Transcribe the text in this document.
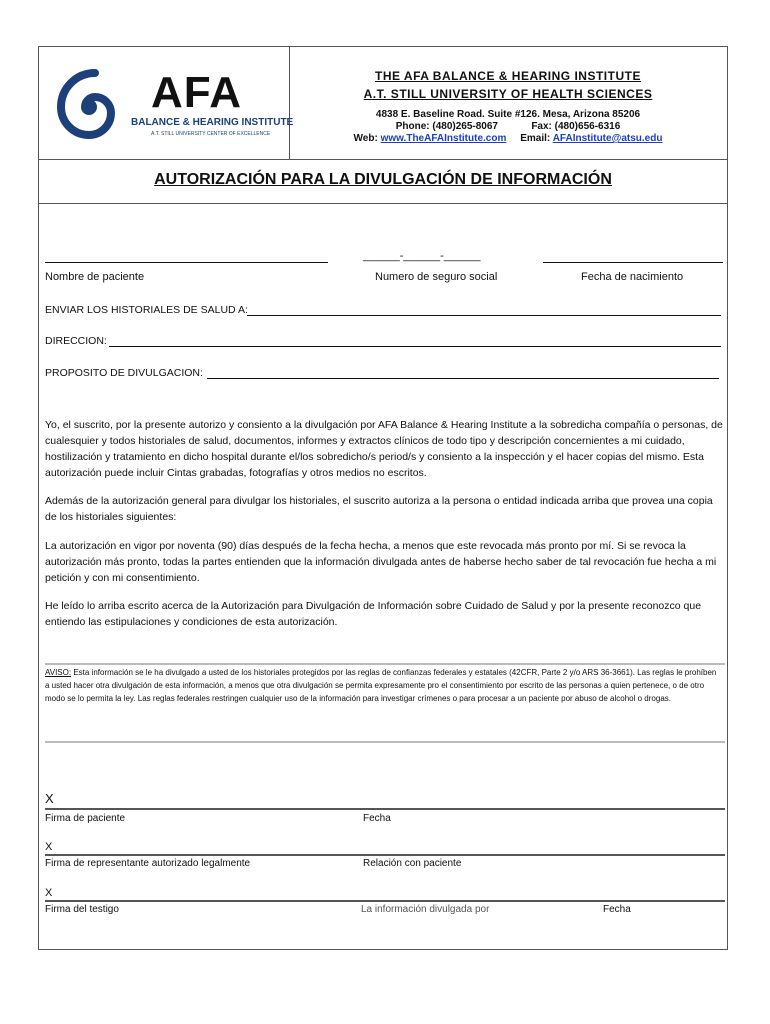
AFA
BALANCE & HEARING INSTITUTE
A.T. STILL UNIVERSITY CENTER OF EXCELLENCE
THE AFA BALANCE & HEARING INSTITUTE
A.T. STILL UNIVERSITY OF HEALTH SCIENCES
4838 E. Baseline Road. Suite #126. Mesa, Arizona 85206
Phone: (480)265-8067	Fax: (480)656-6316
Web: www.TheAFAInstitute.com Email: AFAInstitute@atsu.edu
AUTORIZACIÓN PARA LA DIVULGACIÓN DE INFORMACIÓN
______-______-______
Nombre de paciente	Numero de seguro social	Fecha de nacimiento
ENVIAR LOS HISTORIALES DE SALUD A:
DIRECCION:
PROPOSITO DE DIVULGACION:
Yo, el suscrito, por la presente autorizo y consiento a la divulgación por AFA Balance & Hearing Institute a la sobredicha compañía o personas, de cualesquier y todos historiales de salud, documentos, informes y extractos clínicos de todo tipo y descripción concernientes a mi cuidado, hostilización y tratamiento en dicho hospital durante el/los sobredicho/s period/s y consiento a la inspección y el hacer copias del mismo. Esta autorización puede incluir Cintas grabadas, fotografías y otros medios no escritos.
Además de la autorización general para divulgar los historiales, el suscrito autoriza a la persona o entidad indicada arriba que provea una copia de los historiales siguientes:
La autorización en vigor por noventa (90) días después de la fecha hecha, a menos que este revocada más pronto por mí. Si se revoca la autorización más pronto, todas la partes entienden que la información divulgada antes de haberse hecho saber de tal revocación fue hecha a mi petición y con mi consentimiento.
He leído lo arriba escrito acerca de la Autorización para Divulgación de Información sobre Cuidado de Salud y por la presente reconozco que entiendo las estipulaciones y condiciones de esta autorización.
AVISO: Esta información se le ha divulgado a usted de los historiales protegidos por las reglas de confianzas federales y estatales (42CFR, Parte 2 y/o ARS 36-3661). Las reglas le prohíben a usted hacer otra divulgación de esta información, a menos que otra divulgación se permita expresamente pro el consentimiento por escrito de las personas a quien pertenece, o de otro modo se lo permita la ley. Las reglas federales restringen cualquier uso de la información para investigar crímenes o para procesar a un paciente por abuso de alcohol o drogas.
X
Firma de paciente	Fecha
X
Firma de representante autorizado legalmente	Relación con paciente
X
Firma del testigo	La información divulgada por	Fecha
